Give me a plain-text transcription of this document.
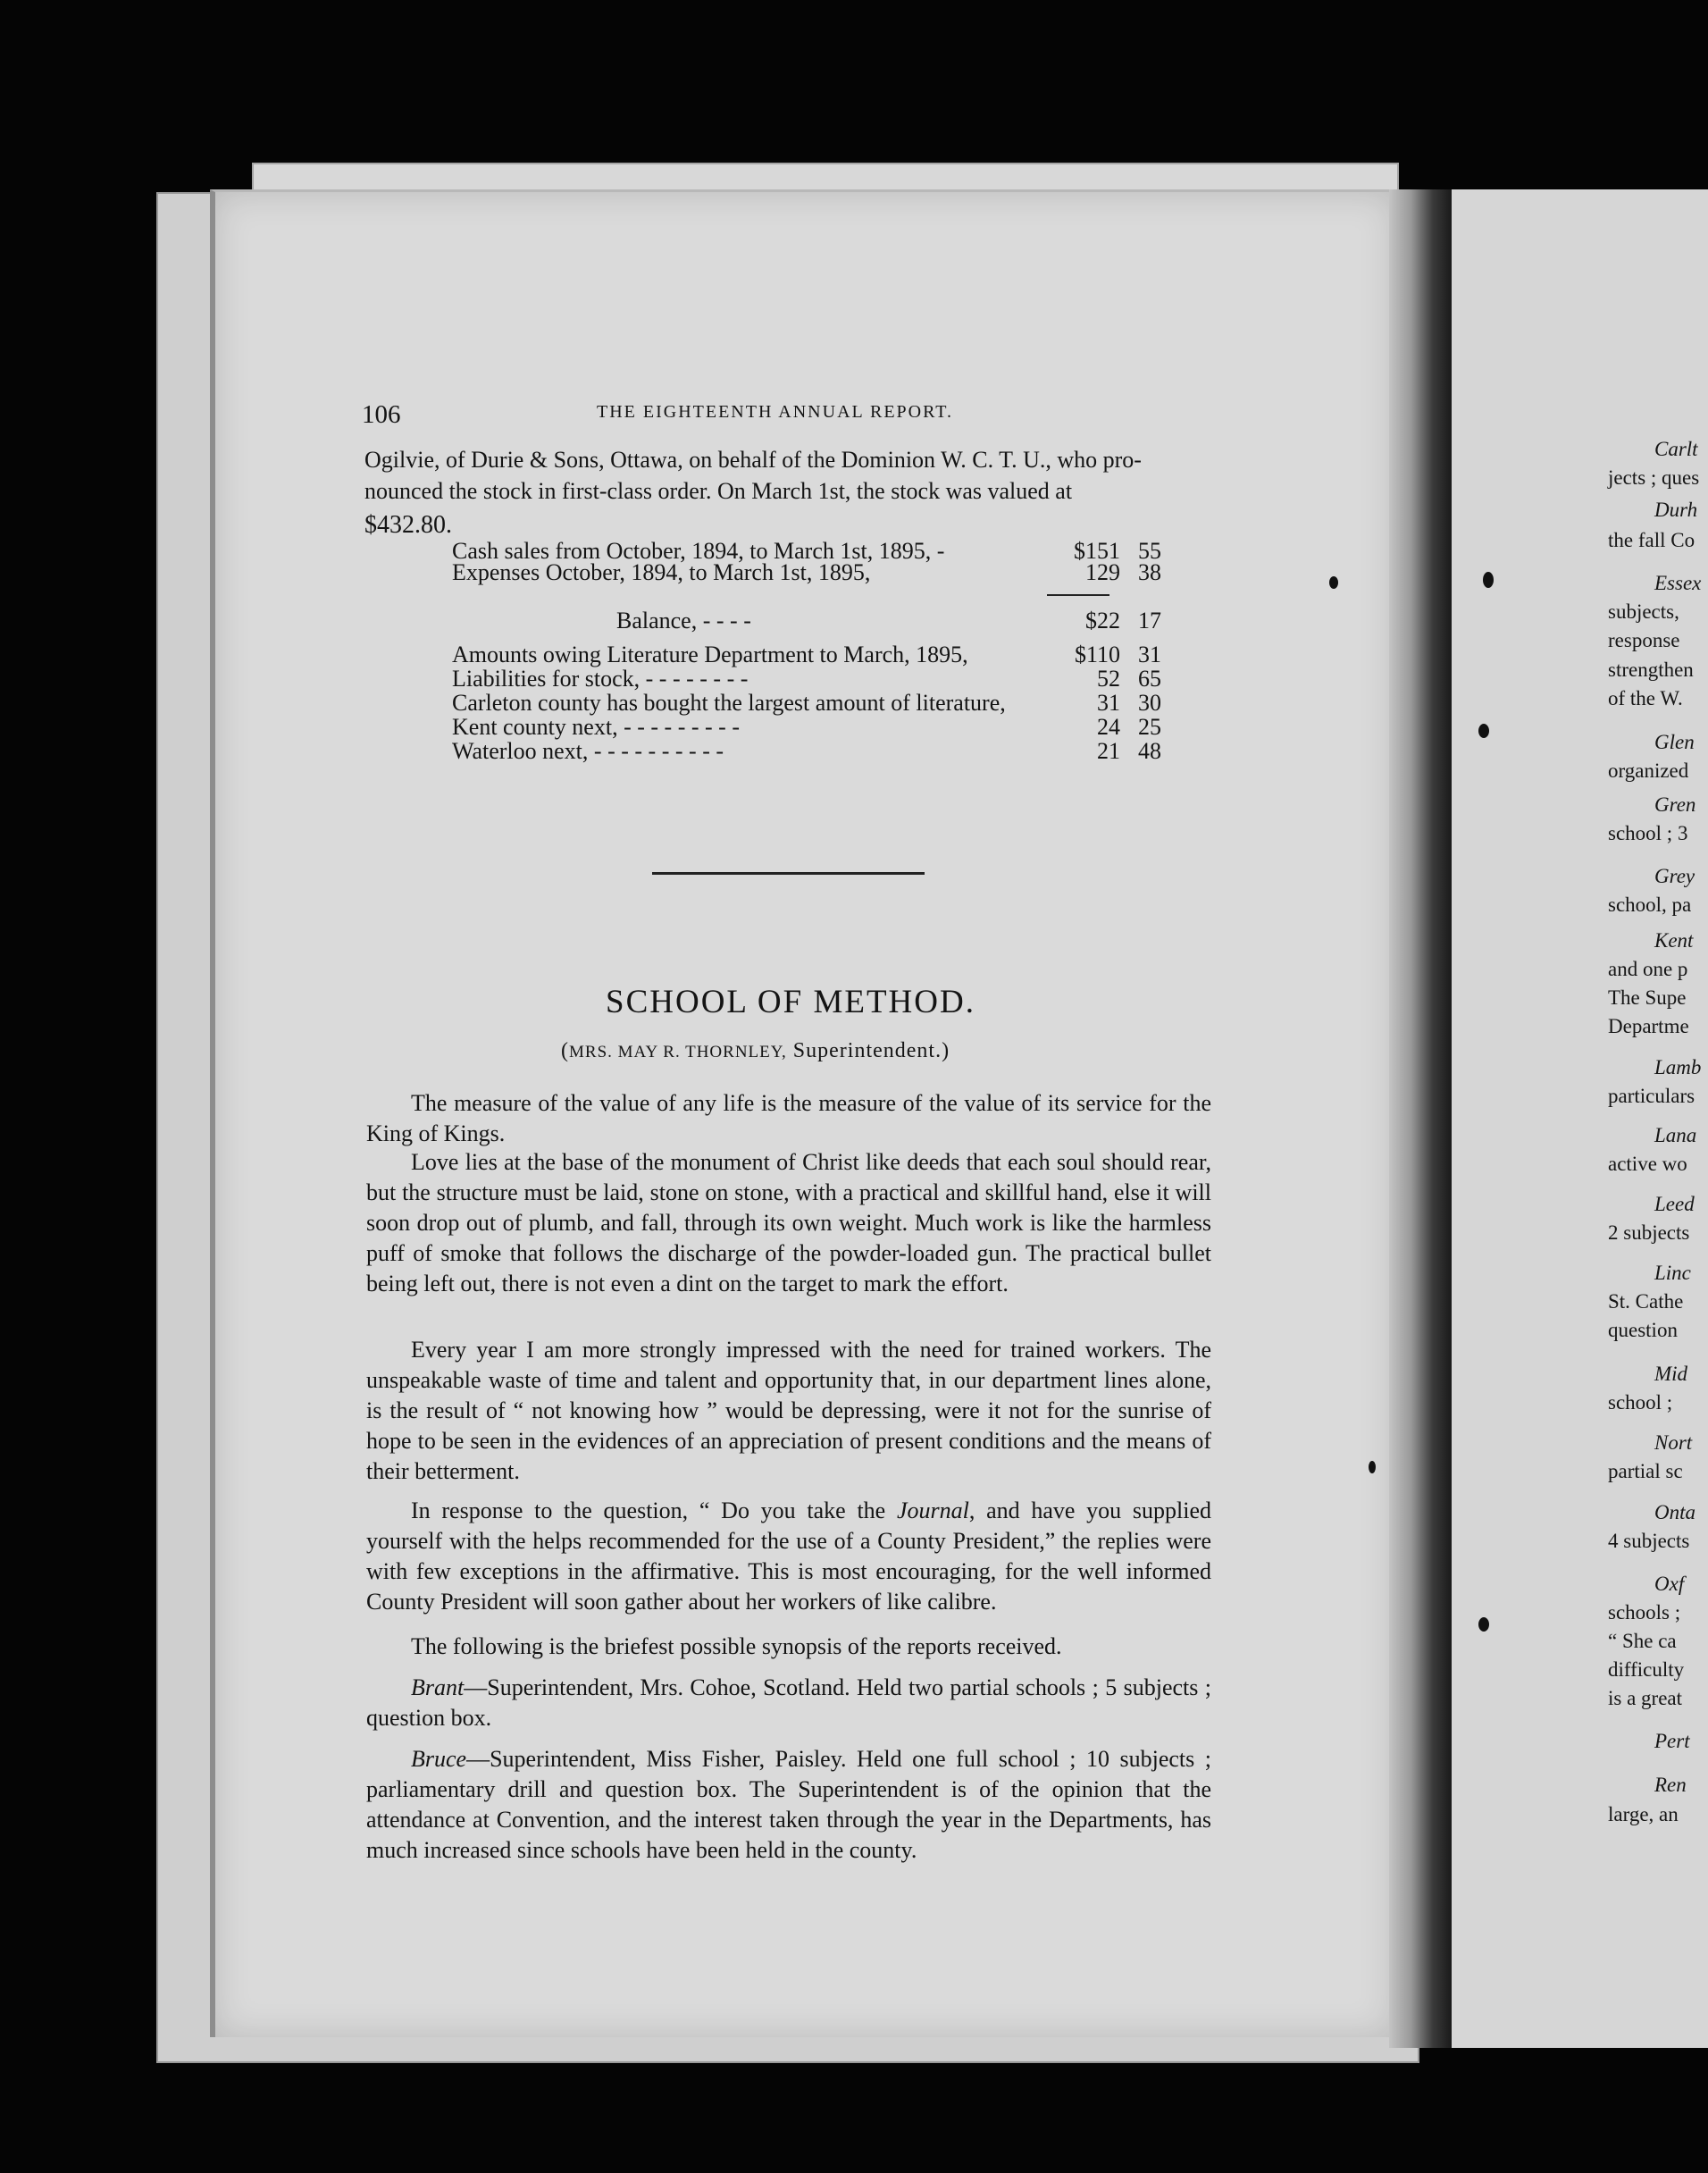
106	THE EIGHTEENTH ANNUAL REPORT.
Ogilvie, of Durie & Sons, Ottawa, on behalf of the Dominion W. C. T. U., who pro-
nounced the stock in first-class order. On March 1st, the stock was valued at
$432.80.
Cash sales from October, 1894, to March 1st, 1895, -	$151 55
Expenses October, 1894, to March 1st, 1895,	129 38
Balance, - - - -	$22 17
Amounts owing Literature Department to March, 1895,	$110 31
Liabilities for stock, - - - - - - - -	52 65
Carleton county has bought the largest amount of literature,	31 30
Kent county next, - - - - - - - - -	24 25
Waterloo next, - - - - - - - - - -	21 48
SCHOOL OF METHOD.
(MRS. MAY R. THORNLEY, Superintendent.)
The measure of the value of any life is the measure of the value of its service for the King of Kings.
Love lies at the base of the monument of Christ like deeds that each soul should rear, but the structure must be laid, stone on stone, with a practical and skillful hand, else it will soon drop out of plumb, and fall, through its own weight. Much work is like the harmless puff of smoke that follows the discharge of the powder-loaded gun. The practical bullet being left out, there is not even a dint on the target to mark the effort.
Every year I am more strongly impressed with the need for trained workers. The unspeakable waste of time and talent and opportunity that, in our department lines alone, is the result of “ not knowing how ” would be depressing, were it not for the sunrise of hope to be seen in the evidences of an appreciation of present conditions and the means of their betterment.
In response to the question, “ Do you take the Journal, and have you supplied yourself with the helps recommended for the use of a County President,” the replies were with few exceptions in the affirmative. This is most encouraging, for the well informed County President will soon gather about her workers of like calibre.
The following is the briefest possible synopsis of the reports received.
Brant—Superintendent, Mrs. Cohoe, Scotland. Held two partial schools ; 5 subjects ; question box.
Bruce—Superintendent, Miss Fisher, Paisley. Held one full school ; 10 subjects ; parliamentary drill and question box. The Superintendent is of the opinion that the attendance at Convention, and the interest taken through the year in the Departments, has much increased since schools have been held in the county.
Carlt
jects ; ques
Durh
the fall Co
Essex
subjects,
response
strengthen
of the W.
Glen
organized
Gren
school ; 3
Grey
school, pa
Kent
and one p
The Supe
Departme
Lamb
particulars
Lana
active wo
Leed
2 subjects
Linc
St. Cathe
question
Mid
school ;
Nort
partial sc
Onta
4 subjects
Oxf
schools ;
“ She ca
difficulty
is a great
Pert
Ren
large, an
